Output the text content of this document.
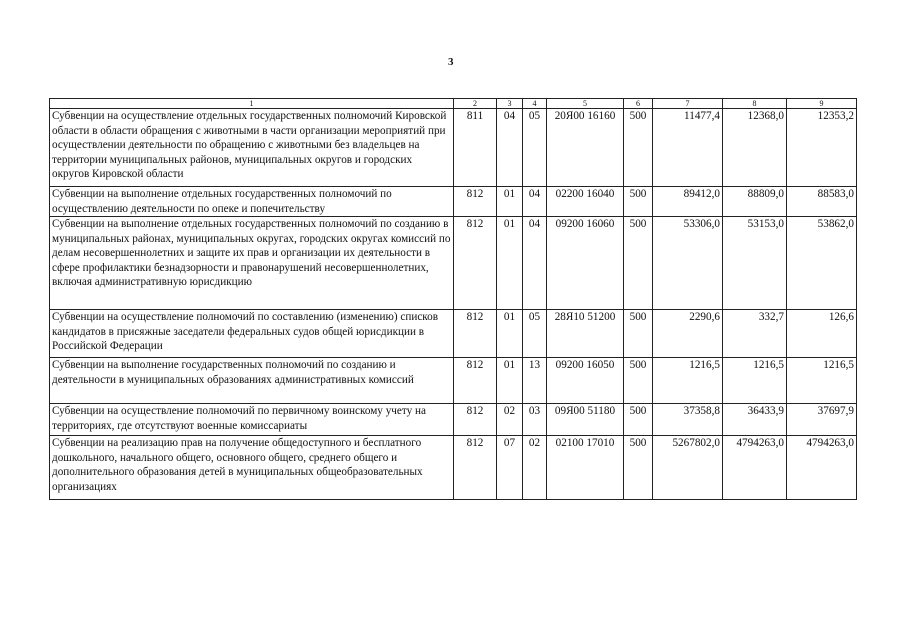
3
1	2	3	4	5	6	7	8	9
Субвенции на осуществление отдельных государственных полномочий Кировской области в области обращения с животными в части организации мероприятий при осуществлении деятельности по обращению с животными без владельцев на территории муниципальных районов, муниципальных округов и городских округов Кировской области	811	04	05	20Я00 16160	500	11477,4	12368,0	12353,2
Субвенции на выполнение отдельных государственных полномочий по осуществлению деятельности по опеке и попечительству	812	01	04	02200 16040	500	89412,0	88809,0	88583,0
Субвенции на выполнение отдельных государственных полномочий по созданию в муниципальных районах, муниципальных округах, городских округах комиссий по делам несовершеннолетних и защите их прав и организации их деятельности в сфере профилактики безнадзорности и правонарушений несовершеннолетних, включая административную юрисдикцию	812	01	04	09200 16060	500	53306,0	53153,0	53862,0
Субвенции на осуществление полномочий по составлению (изменению) списков кандидатов в присяжные заседатели федеральных судов общей юрисдикции в Российской Федерации	812	01	05	28Я10 51200	500	2290,6	332,7	126,6
Субвенции на выполнение государственных полномочий по созданию и деятельности в муниципальных образованиях административных комиссий	812	01	13	09200 16050	500	1216,5	1216,5	1216,5
Субвенции на осуществление полномочий по первичному воинскому учету на территориях, где отсутствуют военные комиссариаты	812	02	03	09Я00 51180	500	37358,8	36433,9	37697,9
Субвенции на реализацию прав на получение общедоступного и бесплатного дошкольного, начального общего, основного общего, среднего общего и дополнительного образования детей в муниципальных общеобразовательных организациях	812	07	02	02100 17010	500	5267802,0	4794263,0	4794263,0
